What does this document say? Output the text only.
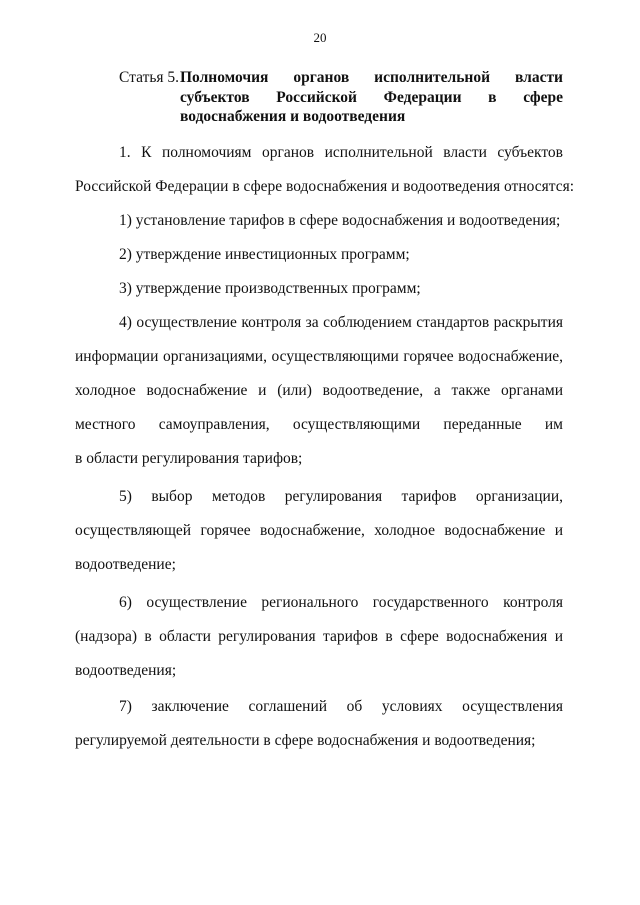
20
Статья 5. Полномочия органов исполнительной власти субъектов Российской Федерации в сфере водоснабжения и водоотведения
1. К полномочиям органов исполнительной власти субъектов
Российской Федерации в сфере водоснабжения и водоотведения относятся:
1) установление тарифов в сфере водоснабжения и водоотведения;
2) утверждение инвестиционных программ;
3) утверждение производственных программ;
4) осуществление контроля за соблюдением стандартов раскрытия
информации организациями, осуществляющими горячее водоснабжение,
холодное водоснабжение и (или) водоотведение, а также органами
местного самоуправления, осуществляющими переданные им
в области регулирования тарифов;
5) выбор методов регулирования тарифов организации,
осуществляющей горячее водоснабжение, холодное водоснабжение и
водоотведение;
6) осуществление регионального государственного контроля
(надзора) в области регулирования тарифов в сфере водоснабжения и
водоотведения;
7) заключение соглашений об условиях осуществления
регулируемой деятельности в сфере водоснабжения и водоотведения;
